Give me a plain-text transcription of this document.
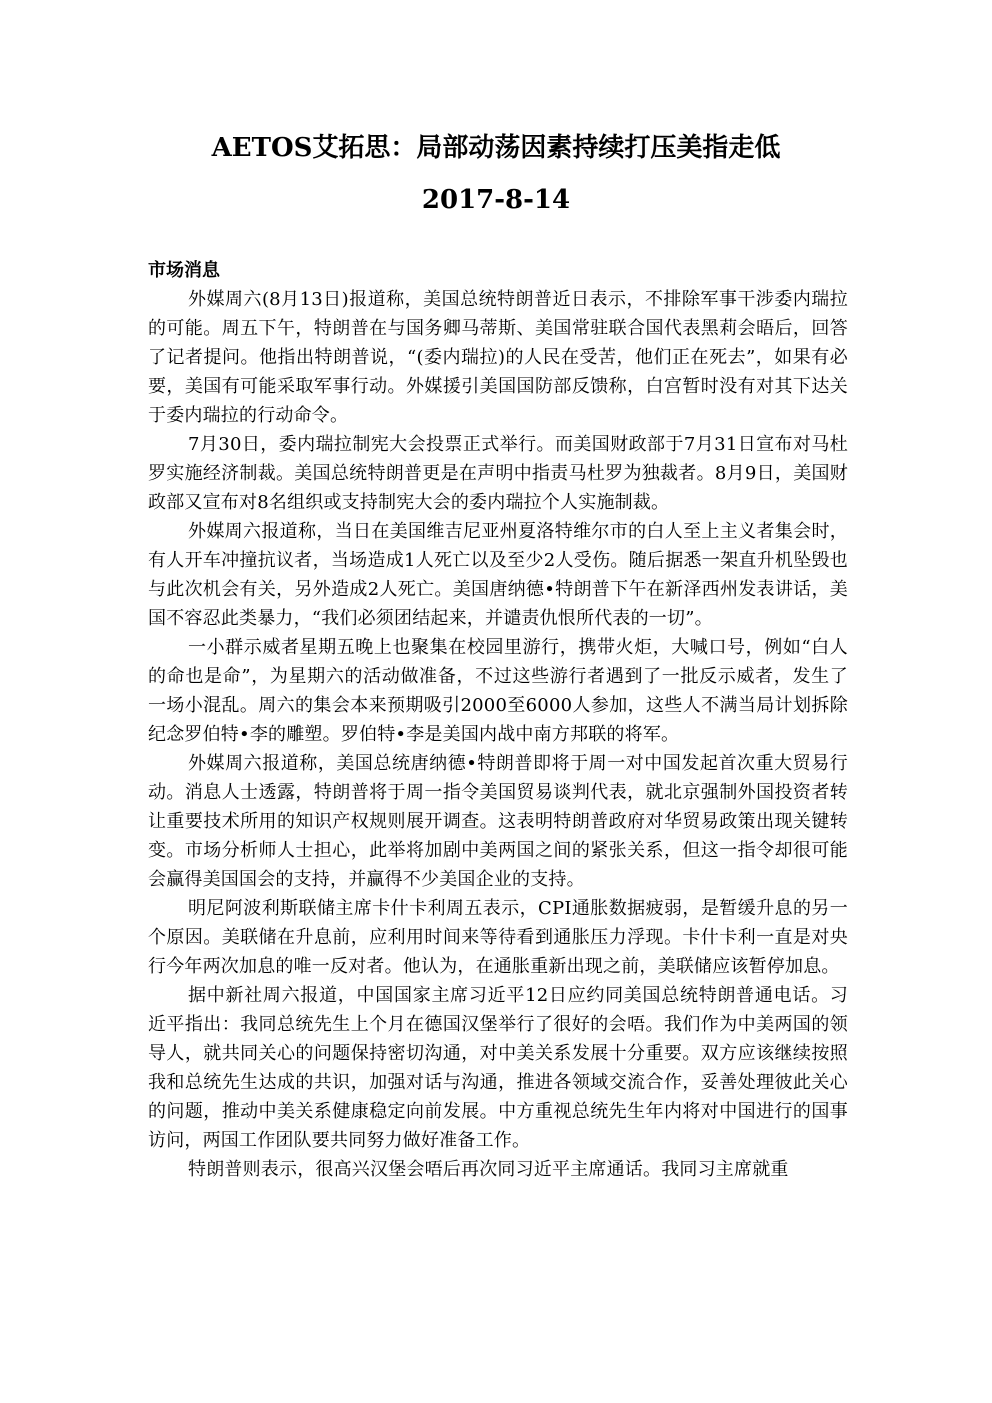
AETOS艾拓思：局部动荡因素持续打压美指走低
2017-8-14
市场消息

外媒周六(8月13日)报道称，美国总统特朗普近日表示，不排除军事干涉委内瑞拉的可能。周五下午，特朗普在与国务卿马蒂斯、美国常驻联合国代表黑莉会晤后，回答了记者提问。他指出特朗普说，“(委内瑞拉)的人民在受苦，他们正在死去”，如果有必要，美国有可能采取军事行动。外媒援引美国国防部反馈称，白宫暂时没有对其下达关于委内瑞拉的行动命令。

7月30日，委内瑞拉制宪大会投票正式举行。而美国财政部于7月31日宣布对马杜罗实施经济制裁。美国总统特朗普更是在声明中指责马杜罗为独裁者。8月9日，美国财政部又宣布对8名组织或支持制宪大会的委内瑞拉个人实施制裁。

外媒周六报道称，当日在美国维吉尼亚州夏洛特维尔市的白人至上主义者集会时，有人开车冲撞抗议者，当场造成1人死亡以及至少2人受伤。随后据悉一架直升机坠毁也与此次机会有关，另外造成2人死亡。美国唐纳德•特朗普下午在新泽西州发表讲话，美国不容忍此类暴力，“我们必须团结起来，并谴责仇恨所代表的一切”。

一小群示威者星期五晚上也聚集在校园里游行，携带火炬，大喊口号，例如“白人的命也是命”，为星期六的活动做准备，不过这些游行者遇到了一批反示威者，发生了一场小混乱。周六的集会本来预期吸引2000至6000人参加，这些人不满当局计划拆除纪念罗伯特•李的雕塑。罗伯特•李是美国内战中南方邦联的将军。

外媒周六报道称，美国总统唐纳德•特朗普即将于周一对中国发起首次重大贸易行动。消息人士透露，特朗普将于周一指令美国贸易谈判代表，就北京强制外国投资者转让重要技术所用的知识产权规则展开调查。这表明特朗普政府对华贸易政策出现关键转变。市场分析师人士担心，此举将加剧中美两国之间的紧张关系，但这一指令却很可能会赢得美国国会的支持，并赢得不少美国企业的支持。

明尼阿波利斯联储主席卡什卡利周五表示，CPI通胀数据疲弱，是暂缓升息的另一个原因。美联储在升息前，应利用时间来等待看到通胀压力浮现。卡什卡利一直是对央行今年两次加息的唯一反对者。他认为，在通胀重新出现之前，美联储应该暂停加息。

据中新社周六报道，中国国家主席习近平12日应约同美国总统特朗普通电话。习近平指出：我同总统先生上个月在德国汉堡举行了很好的会唔。我们作为中美两国的领导人，就共同关心的问题保持密切沟通，对中美关系发展十分重要。双方应该继续按照我和总统先生达成的共识，加强对话与沟通，推进各领域交流合作，妥善处理彼此关心的问题，推动中美关系健康稳定向前发展。中方重视总统先生年内将对中国进行的国事访问，两国工作团队要共同努力做好准备工作。

特朗普则表示，很高兴汉堡会唔后再次同习近平主席通话。我同习主席就重
